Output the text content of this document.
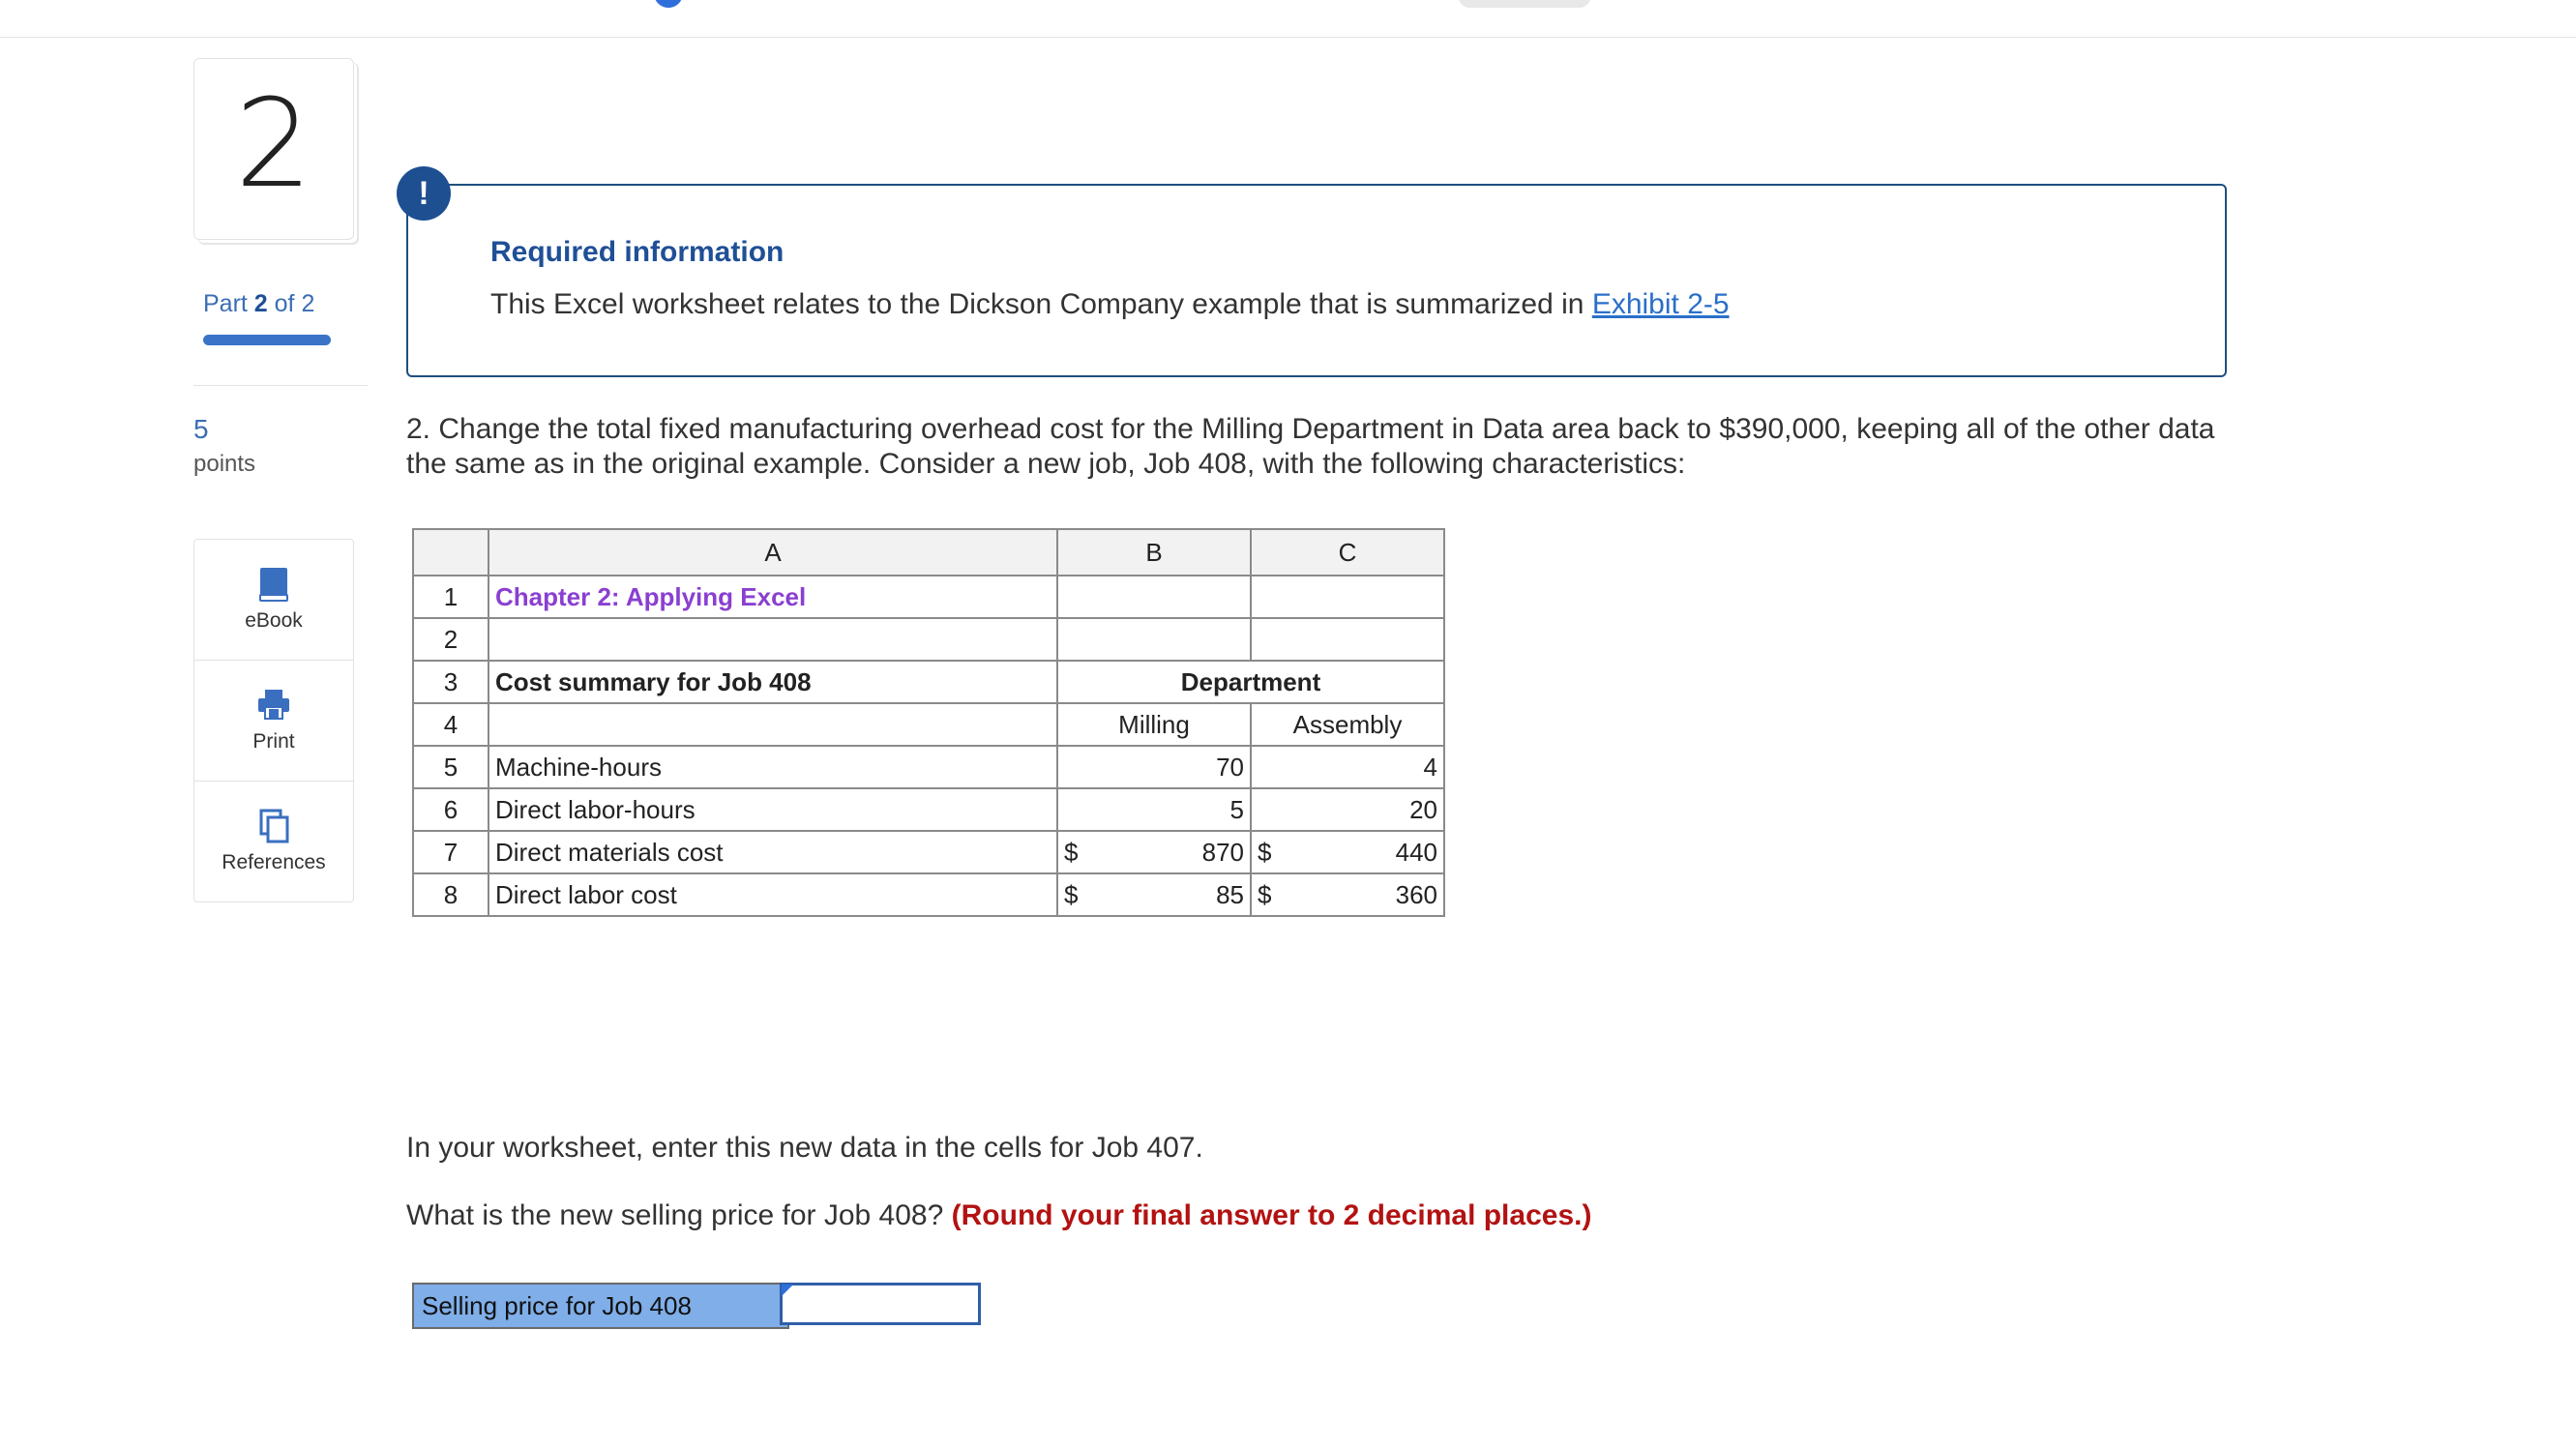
2
Part 2 of 2
5
points
eBook
Print
References
!
Required information
This Excel worksheet relates to the Dickson Company example that is summarized in Exhibit 2-5
2. Change the total fixed manufacturing overhead cost for the Milling Department in Data area back to $390,000, keeping all of the other data the same as in the original example. Consider a new job, Job 408, with the following characteristics:
	A	B	C
1	Chapter 2: Applying Excel		
2			
3	Cost summary for Job 408	Department	
4		Milling	Assembly
5	Machine-hours	70	4
6	Direct labor-hours	5	20
7	Direct materials cost	$ 870	$ 440

8	Direct labor cost	$ 85	$ 360
In your worksheet, enter this new data in the cells for Job 407.
What is the new selling price for Job 408? (Round your final answer to 2 decimal places.)
Selling price for Job 408
